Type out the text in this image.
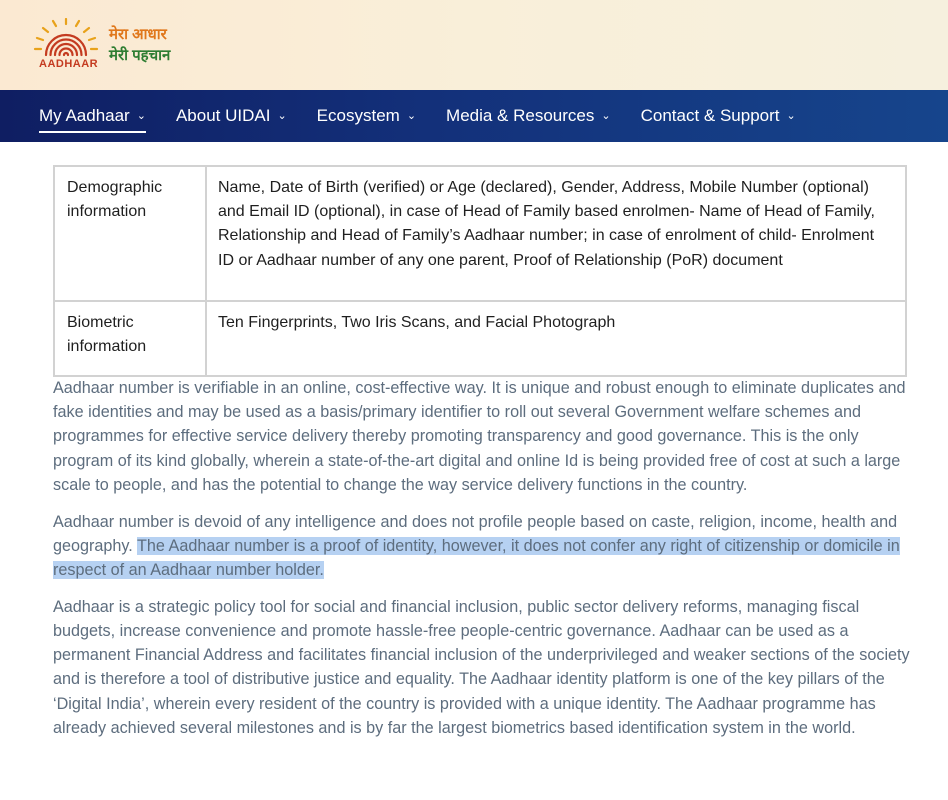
AADHAAR
मेरा आधार
मेरी पहचान
My Aadhaar ⌄ About UIDAI ⌄ Ecosystem ⌄ Media & Resources ⌄ Contact & Support ⌄
Demographic information	Name, Date of Birth (verified) or Age (declared), Gender, Address, Mobile Number (optional) and Email ID (optional), in case of Head of Family based enrolmen- Name of Head of Family, Relationship and Head of Family’s Aadhaar number; in case of enrolment of child- Enrolment ID or Aadhaar number of any one parent, Proof of Relationship (PoR) document
Biometric information	Ten Fingerprints, Two Iris Scans, and Facial Photograph

Aadhaar number is verifiable in an online, cost-effective way. It is unique and robust enough to eliminate duplicates and fake identities and may be used as a basis/primary identifier to roll out several Government welfare schemes and programmes for effective service delivery thereby promoting transparency and good governance. This is the only program of its kind globally, wherein a state-of-the-art digital and online Id is being provided free of cost at such a large scale to people, and has the potential to change the way service delivery functions in the country.

Aadhaar number is devoid of any intelligence and does not profile people based on caste, religion, income, health and geography. The Aadhaar number is a proof of identity, however, it does not confer any right of citizenship or domicile in respect of an Aadhaar number holder.

Aadhaar is a strategic policy tool for social and financial inclusion, public sector delivery reforms, managing fiscal budgets, increase convenience and promote hassle-free people-centric governance. Aadhaar can be used as a permanent Financial Address and facilitates financial inclusion of the underprivileged and weaker sections of the society and is therefore a tool of distributive justice and equality. The Aadhaar identity platform is one of the key pillars of the ‘Digital India’, wherein every resident of the country is provided with a unique identity. The Aadhaar programme has already achieved several milestones and is by far the largest biometrics based identification system in the world.
